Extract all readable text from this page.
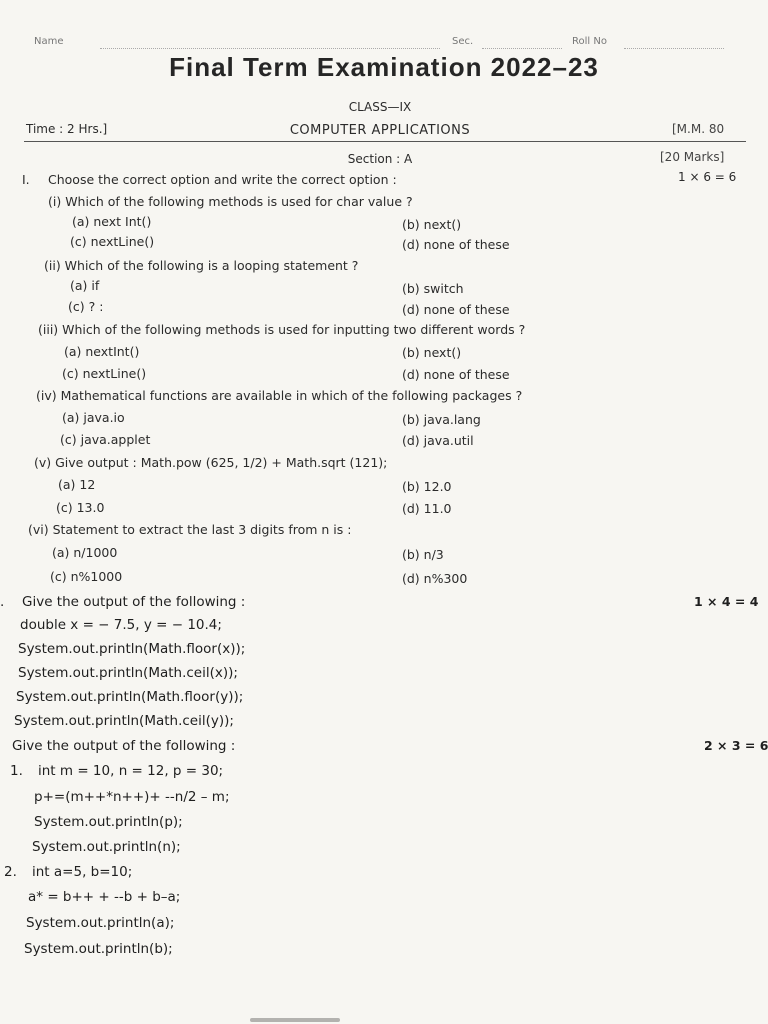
Name	Sec.	Roll No
Final Term Examination 2022–23
CLASS—IX
Time : 2 Hrs.]	COMPUTER APPLICATIONS	[M.M. 80
Section : A	[20 Marks]
I. Choose the correct option and write the correct option :	1 × 6 = 6
(i) Which of the following methods is used for char value ?
(a) next Int()	(b) next()
(c) nextLine()	(d) none of these
(ii) Which of the following is a looping statement ?
(a) if	(b) switch
(c) ? :	(d) none of these
(iii) Which of the following methods is used for inputting two different words ?
(a) nextInt()	(b) next()
(c) nextLine()	(d) none of these
(iv) Mathematical functions are available in which of the following packages ?
(a) java.io	(b) java.lang
(c) java.applet	(d) java.util
(v) Give output : Math.pow (625, 1/2) + Math.sqrt (121);
(a) 12	(b) 12.0
(c) 13.0	(d) 11.0
(vi) Statement to extract the last 3 digits from n is :
(a) n/1000	(b) n/3
(c) n%1000	(d) n%300
. Give the output of the following :	1 × 4 = 4
double x = − 7.5, y = − 10.4;
System.out.println(Math.floor(x));
System.out.println(Math.ceil(x));
System.out.println(Math.floor(y));
System.out.println(Math.ceil(y));
Give the output of the following :	2 × 3 = 6
1. int m = 10, n = 12, p = 30;
p+=(m++*n++)+ --n/2 – m;
System.out.println(p);
System.out.println(n);
2. int a=5, b=10;
a* = b++ + --b + b–a;
System.out.println(a);
System.out.println(b);
